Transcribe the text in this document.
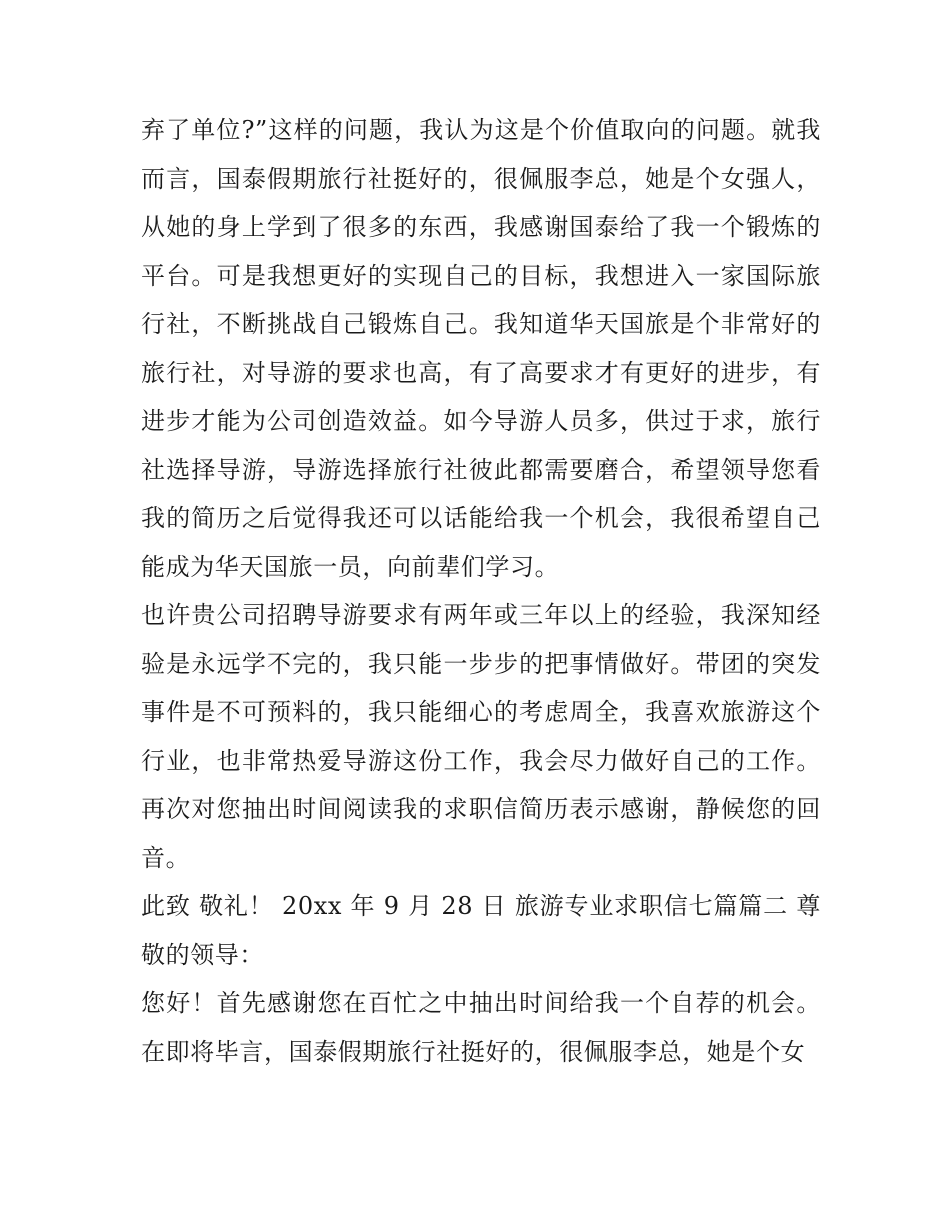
弃了单位?”这样的问题，我认为这是个价值取向的问题。就我而言，国泰假期旅行社挺好的，很佩服李总，她是个女强人，从她的身上学到了很多的东西，我感谢国泰给了我一个锻炼的平台。可是我想更好的实现自己的目标，我想进入一家国际旅行社，不断挑战自己锻炼自己。我知道华天国旅是个非常好的旅行社，对导游的要求也高，有了高要求才有更好的进步，有进步才能为公司创造效益。如今导游人员多，供过于求，旅行社选择导游，导游选择旅行社彼此都需要磨合，希望领导您看我的简历之后觉得我还可以话能给我一个机会，我很希望自己能成为华天国旅一员，向前辈们学习。

也许贵公司招聘导游要求有两年或三年以上的经验，我深知经验是永远学不完的，我只能一步步的把事情做好。带团的突发事件是不可预料的，我只能细心的考虑周全，我喜欢旅游这个行业，也非常热爱导游这份工作，我会尽力做好自己的工作。再次对您抽出时间阅读我的求职信简历表示感谢，静候您的回音。

此致 敬礼！ 20xx 年 9 月 28 日 旅游专业求职信七篇篇二 尊敬的领导：

您好！首先感谢您在百忙之中抽出时间给我一个自荐的机会。在即将毕言，国泰假期旅行社挺好的，很佩服李总，她是个女
